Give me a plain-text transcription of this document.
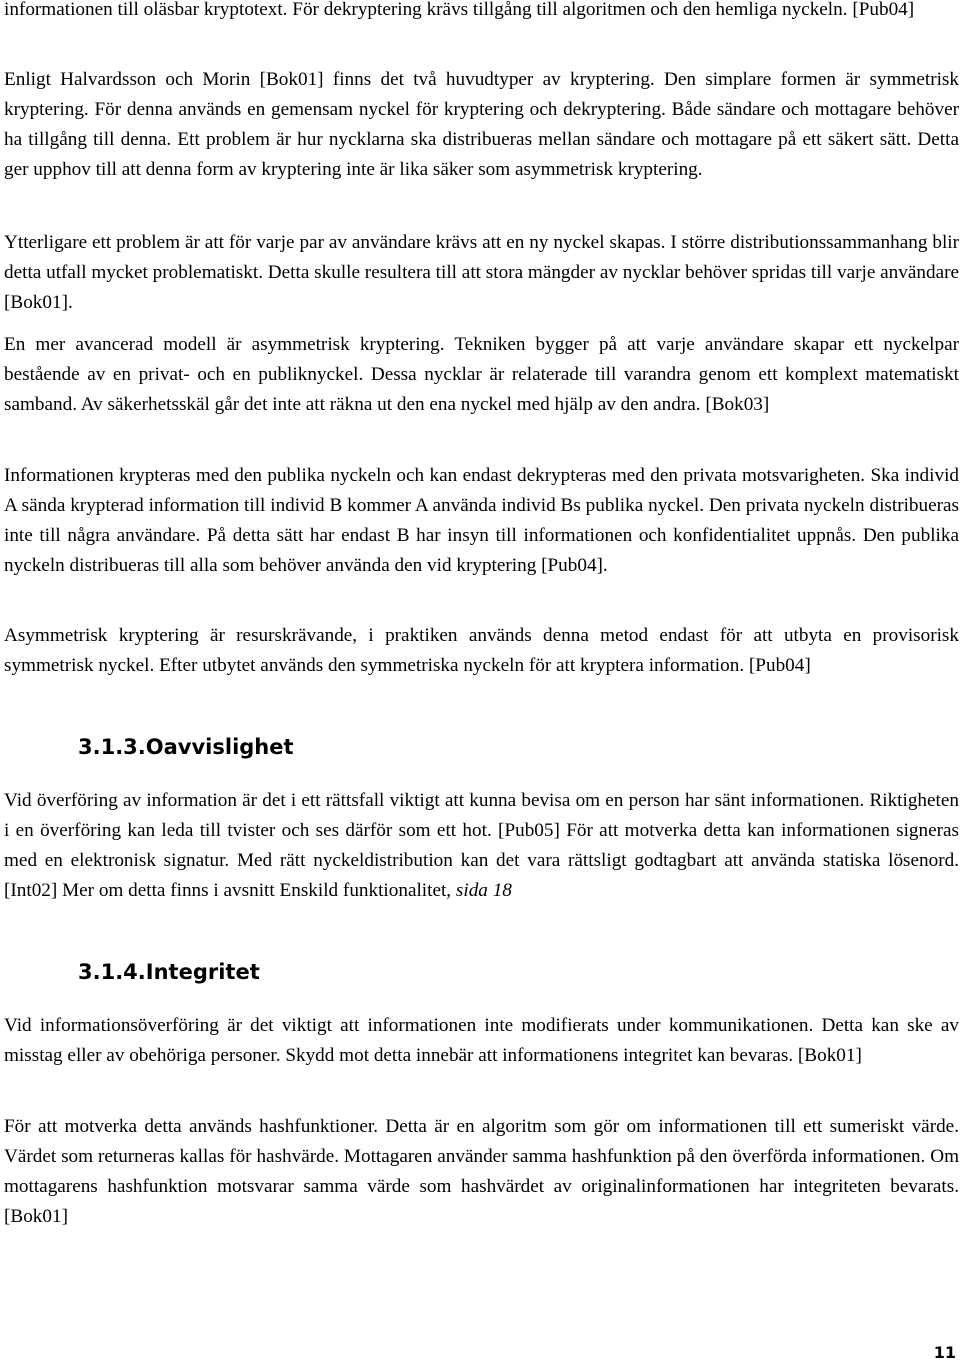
informationen till oläsbar kryptotext. För dekryptering krävs tillgång till algoritmen och den hemliga nyckeln. [Pub04]

Enligt Halvardsson och Morin [Bok01] finns det två huvudtyper av kryptering. Den simplare formen är symmetrisk kryptering. För denna används en gemensam nyckel för kryptering och dekryptering. Både sändare och mottagare behöver ha tillgång till denna. Ett problem är hur nycklarna ska distribueras mellan sändare och mottagare på ett säkert sätt. Detta ger upphov till att denna form av kryptering inte är lika säker som asymmetrisk kryptering.

Ytterligare ett problem är att för varje par av användare krävs att en ny nyckel skapas. I större distributionssammanhang blir detta utfall mycket problematiskt. Detta skulle resultera till att stora mängder av nycklar behöver spridas till varje användare [Bok01].

En mer avancerad modell är asymmetrisk kryptering. Tekniken bygger på att varje användare skapar ett nyckelpar bestående av en privat- och en publiknyckel. Dessa nycklar är relaterade till varandra genom ett komplext matematiskt samband. Av säkerhetsskäl går det inte att räkna ut den ena nyckel med hjälp av den andra. [Bok03]

Informationen krypteras med den publika nyckeln och kan endast dekrypteras med den privata motsvarigheten. Ska individ A sända krypterad information till individ B kommer A använda individ Bs publika nyckel. Den privata nyckeln distribueras inte till några användare. På detta sätt har endast B har insyn till informationen och konfidentialitet uppnås. Den publika nyckeln distribueras till alla som behöver använda den vid kryptering [Pub04].

Asymmetrisk kryptering är resurskrävande, i praktiken används denna metod endast för att utbyta en provisorisk symmetrisk nyckel. Efter utbytet används den symmetriska nyckeln för att kryptera information. [Pub04]

3.1.3.Oavvislighet

Vid överföring av information är det i ett rättsfall viktigt att kunna bevisa om en person har sänt informationen. Riktigheten i en överföring kan leda till tvister och ses därför som ett hot. [Pub05] För att motverka detta kan informationen signeras med en elektronisk signatur. Med rätt nyckeldistribution kan det vara rättsligt godtagbart att använda statiska lösenord. [Int02] Mer om detta finns i avsnitt Enskild funktionalitet, sida 18

3.1.4.Integritet

Vid informationsöverföring är det viktigt att informationen inte modifierats under kommunikationen. Detta kan ske av misstag eller av obehöriga personer. Skydd mot detta innebär att informationens integritet kan bevaras. [Bok01]

För att motverka detta används hashfunktioner. Detta är en algoritm som gör om informationen till ett sumeriskt värde. Värdet som returneras kallas för hashvärde. Mottagaren använder samma hashfunktion på den överförda informationen. Om mottagarens hashfunktion motsvarar samma värde som hashvärdet av originalinformationen har integriteten bevarats. [Bok01]

11
